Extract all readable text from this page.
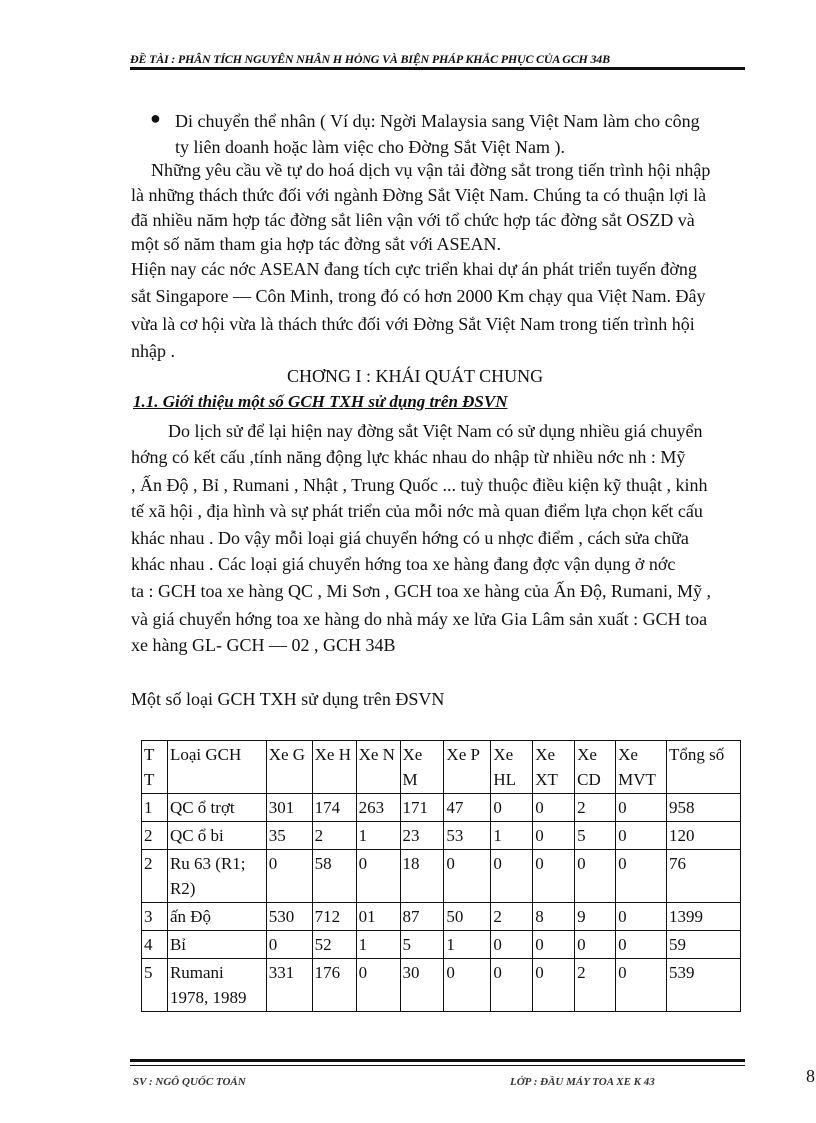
ĐỀ TÀI : PHÂN TÍCH NGUYÊN NHÂN H HỎNG VÀ BIỆN PHÁP KHẮC PHỤC CỦA GCH 34B
● Di chuyển thể nhân ( Ví dụ: Ngời Malaysia sang Việt Nam làm cho công
ty liên doanh hoặc làm việc cho Đờng Sắt Việt Nam ).
Những yêu cầu về tự do hoá dịch vụ vận tải đờng sắt trong tiến trình hội nhập
là những thách thức đối với ngành Đờng Sắt Việt Nam. Chúng ta có thuận lợi là
đã nhiều năm hợp tác đờng sắt liên vận với tổ chức hợp tác đờng sắt OSZD và
một số năm tham gia hợp tác đờng sắt với ASEAN.
Hiện nay các nớc ASEAN đang tích cực triển khai dự án phát triển tuyến đờng
sắt Singapore — Côn Minh, trong đó có hơn 2000 Km chạy qua Việt Nam. Đây
vừa là cơ hội vừa là thách thức đối với Đờng Sắt Việt Nam trong tiến trình hội
nhập .
CHƠNG I : KHÁI QUÁT CHUNG
1.1. Giới thiệu một số GCH TXH sử dụng trên ĐSVN
Do lịch sử để lại hiện nay đờng sắt Việt Nam có sử dụng nhiều giá chuyển
hớng có kết cấu ,tính năng động lực khác nhau do nhập từ nhiều nớc nh : Mỹ
, Ấn Độ , Bỉ , Rumani , Nhật , Trung Quốc ... tuỳ thuộc điều kiện kỹ thuật , kinh
tế xã hội , địa hình và sự phát triển của mỗi nớc mà quan điểm lựa chọn kết cấu
khác nhau . Do vậy mỗi loại giá chuyển hớng có u nhợc điểm , cách sửa chữa
khác nhau . Các loại giá chuyển hớng toa xe hàng đang đợc vận dụng ở nớc
ta : GCH toa xe hàng QC , Mi Sơn , GCH toa xe hàng của Ấn Độ, Rumani, Mỹ ,
và giá chuyển hớng toa xe hàng do nhà máy xe lửa Gia Lâm sản xuất : GCH toa
xe hàng GL- GCH — 02 , GCH 34B
Một số loại GCH TXH sử dụng trên ĐSVN
T T	Loại GCH	Xe G	Xe H	Xe N	Xe M	Xe P	Xe HL	Xe XT	Xe CD	Xe MVT	Tổng số
1	QC ổ trợt	301	174	263	171	47	0	0	2	0	958
2	QC ổ bi	35	2	1	23	53	1	0	5	0	120
2	Ru 63 (R1; R2)	0	58	0	18	0	0	0	0	0	76
3	ấn Độ	530	712	01	87	50	2	8	9	0	1399
4	Bỉ	0	52	1	5	1	0	0	0	0	59
5	Rumani 1978, 1989	331	176	0	30	0	0	0	2	0	539
SV : NGÔ QUỐC TOẢN	LỚP : ĐẦU MÁY TOA XE K 43	8
